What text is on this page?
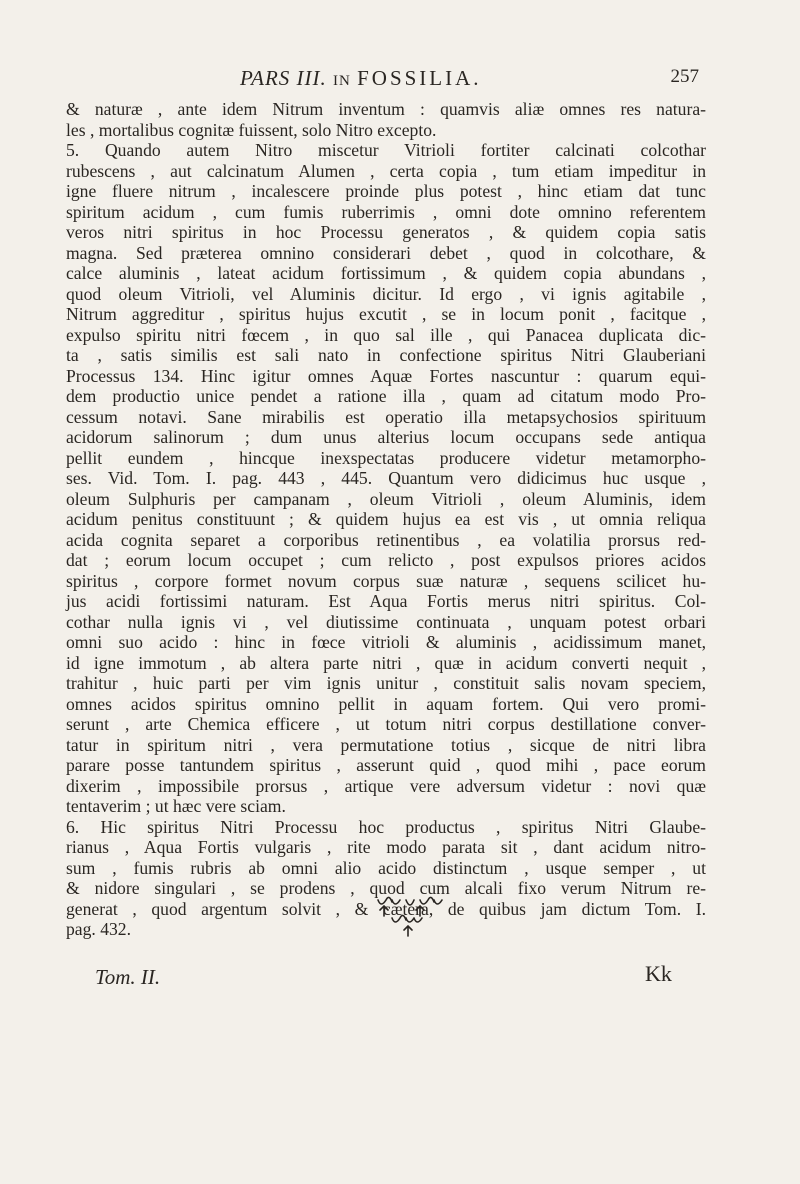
PARS III. IN FOSSILIA.	257
& naturæ , ante idem Nitrum inventum : quamvis aliæ omnes res natura-
les , mortalibus cognitæ fuissent, solo Nitro excepto.
5. Quando autem Nitro miscetur Vitrioli fortiter calcinati colcothar
rubescens , aut calcinatum Alumen , certa copia , tum etiam impeditur in
igne fluere nitrum , incalescere proinde plus potest , hinc etiam dat tunc
spiritum acidum , cum fumis ruberrimis , omni dote omnino referentem
veros nitri spiritus in hoc Processu generatos , & quidem copia satis
magna. Sed præterea omnino considerari debet , quod in colcothare, &
calce aluminis , lateat acidum fortissimum , & quidem copia abundans ,
quod oleum Vitrioli, vel Aluminis dicitur. Id ergo , vi ignis agitabile ,
Nitrum aggreditur , spiritus hujus excutit , se in locum ponit , facitque ,
expulso spiritu nitri fœcem , in quo sal ille , qui Panacea duplicata dic-
ta , satis similis est sali nato in confectione spiritus Nitri Glauberiani
Processus 134. Hinc igitur omnes Aquæ Fortes nascuntur : quarum equi-
dem productio unice pendet a ratione illa , quam ad citatum modo Pro-
cessum notavi. Sane mirabilis est operatio illa metapsychosios spirituum
acidorum salinorum ; dum unus alterius locum occupans sede antiqua
pellit eundem , hincque inexspectatas producere videtur metamorpho-
ses. Vid. Tom. I. pag. 443 , 445. Quantum vero didicimus huc usque ,
oleum Sulphuris per campanam , oleum Vitrioli , oleum Aluminis, idem
acidum penitus constituunt ; & quidem hujus ea est vis , ut omnia reliqua
acida cognita separet a corporibus retinentibus , ea volatilia prorsus red-
dat ; eorum locum occupet ; cum relicto , post expulsos priores acidos
spiritus , corpore formet novum corpus suæ naturæ , sequens scilicet hu-
jus acidi fortissimi naturam. Est Aqua Fortis merus nitri spiritus. Col-
cothar nulla ignis vi , vel diutissime continuata , unquam potest orbari
omni suo acido : hinc in fœce vitrioli & aluminis , acidissimum manet,
id igne immotum , ab altera parte nitri , quæ in acidum converti nequit ,
trahitur , huic parti per vim ignis unitur , constituit salis novam speciem,
omnes acidos spiritus omnino pellit in aquam fortem. Qui vero promi-
serunt , arte Chemica efficere , ut totum nitri corpus destillatione conver-
tatur in spiritum nitri , vera permutatione totius , sicque de nitri libra
parare posse tantundem spiritus , asserunt quid , quod mihi , pace eorum
dixerim , impossibile prorsus , artique vere adversum videtur : novi quæ
tentaverim ; ut hæc vere sciam.
6. Hic spiritus Nitri Processu hoc productus , spiritus Nitri Glaube-
rianus , Aqua Fortis vulgaris , rite modo parata sit , dant acidum nitro-
sum , fumis rubris ab omni alio acido distinctum , usque semper , ut
& nidore singulari , se prodens , quod cum alcali fixo verum Nitrum re-
generat , quod argentum solvit , & cætera, de quibus jam dictum Tom. I.
pag. 432.
Tom. II.	Kk
